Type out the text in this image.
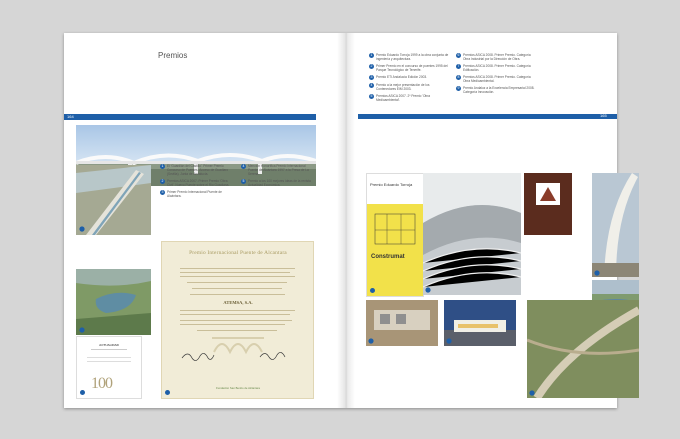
Premios
164
ACTUALIDAD
100
1	El 'Guardián del Castillo'. Primer Premio Concurso de Puentes. Acceso de Guadiaro (Sevilla). Junta de Andalucía.
2	Premios ASICA 2007. Primer Premio 'Obra Civil'. Nuevo Puente sobre el Río Guadiana.
3	Primer Premio Internacional Puente de Alcántara.
4	Mención Honorífica Premio Internacional Puente de Alcántara 1997 a la Presa de La Serena.
5	Premio a los 100 mejores ideas de la revista Actualidad Económica.
Premio Internacional Puente de Alcantara
ATEMSA, S.A.
Fundación San Benito de Alcántara
165
1	Premio Eduardo Torroja 1999 a la obra conjunta de ingeniería y arquitectura.
2	Primer Premio en el concurso de puentes 1995 del Parque Tecnológico de Tenerife.
3	Premio ETI Andalucía Edición 2003.
4	Premio a la mejor presentación de los Contenedores EIM 2003.
5	Premios ASICA 2007. 2º Premio 'Obra Medioambiental'.
6	Premios ASICA 2008. Primer Premio. Categoría Obra Industrial por la Dirección de Obra.
7	Premios ASICA 2008. Primer Premio. Categoría Edificación.
8	Premios ASICA 2008. Primer Premio. Categoría Obra Medioambiental.
9	Premio Andaluz a la Excelencia Empresarial 2008. Categoría Innovación.
Premio Eduardo Torroja
Construmat
